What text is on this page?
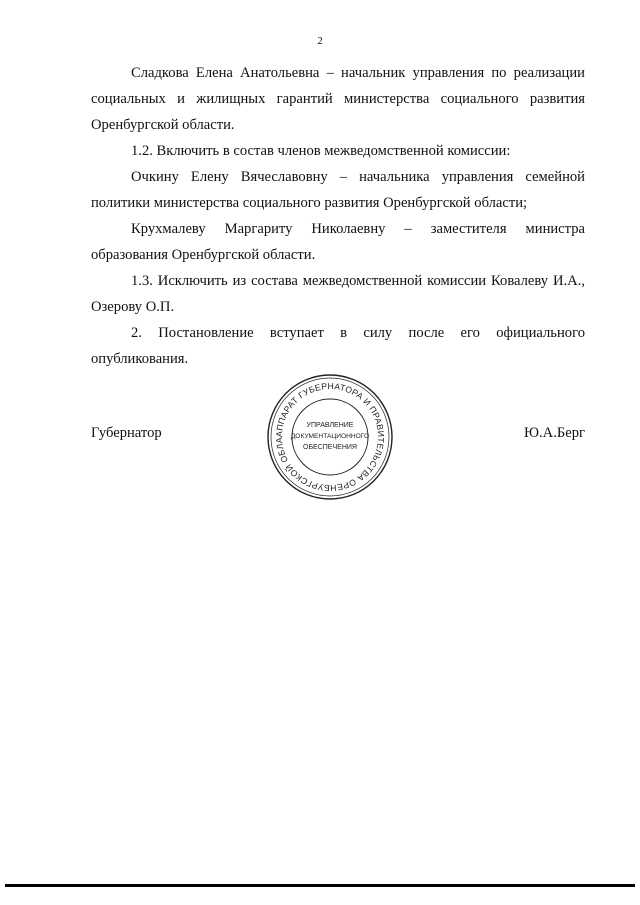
2

Сладкова Елена Анатольевна – начальник управления по реализации социальных и жилищных гарантий министерства социального развития Оренбургской области.

1.2. Включить в состав членов межведомственной комиссии:

Очкину Елену Вячеславовну – начальника управления семейной политики министерства социального развития Оренбургской области;

Крухмалеву Маргариту Николаевну – заместителя министра образования Оренбургской области.

1.3. Исключить из состава межведомственной комиссии Ковалеву И.А., Озерову О.П.

2. Постановление вступает в силу после его официального опубликования.

Губернатор	Ю.А.Берг
АППАРАТ ГУБЕРНАТОРА И ПРАВИТЕЛЬСТВА ОРЕНБУРГСКОЙ ОБЛА
УПРАВЛЕНИЕ
ДОКУМЕНТАЦИОННОГО
ОБЕСПЕЧЕНИЯ
